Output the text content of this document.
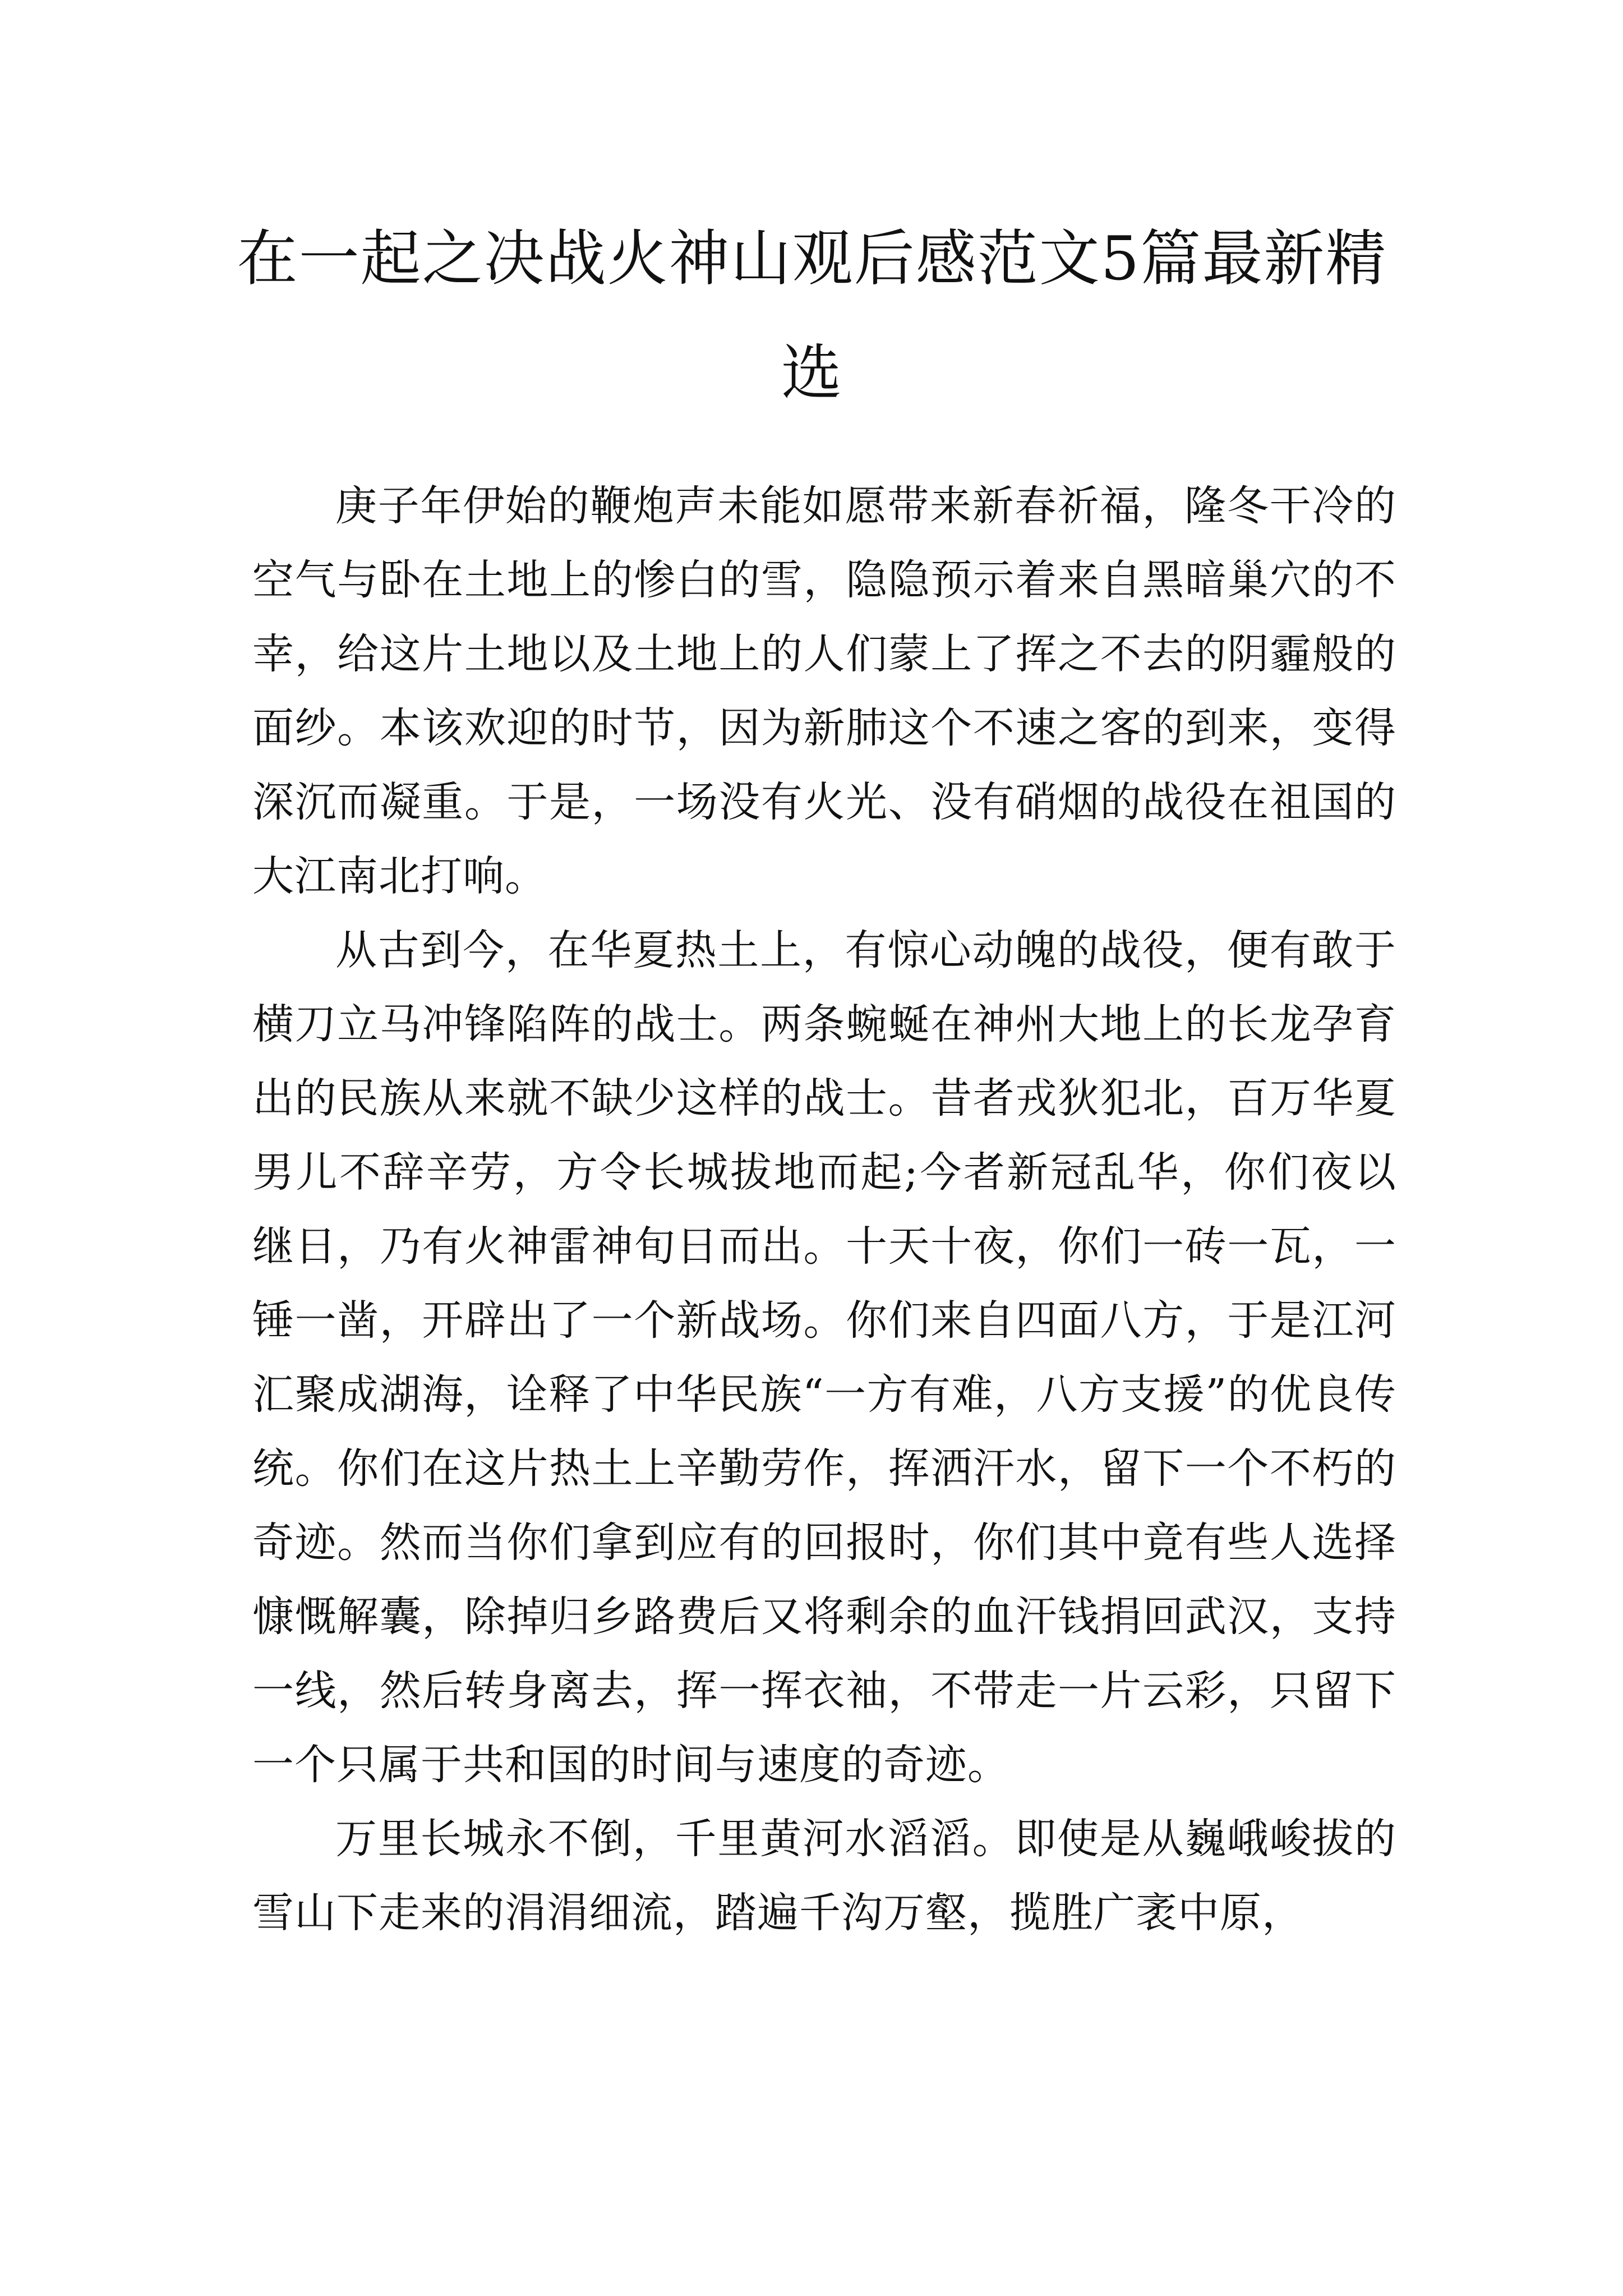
在一起之决战火神山观后感范文5篇最新精选

庚子年伊始的鞭炮声未能如愿带来新春祈福，隆冬干冷的空气与卧在土地上的惨白的雪，隐隐预示着来自黑暗巢穴的不幸，给这片土地以及土地上的人们蒙上了挥之不去的阴霾般的面纱。本该欢迎的时节，因为新肺这个不速之客的到来，变得深沉而凝重。于是，一场没有火光、没有硝烟的战役在祖国的大江南北打响。

从古到今，在华夏热土上，有惊心动魄的战役，便有敢于横刀立马冲锋陷阵的战士。两条蜿蜒在神州大地上的长龙孕育出的民族从来就不缺少这样的战士。昔者戎狄犯北，百万华夏男儿不辞辛劳，方令长城拔地而起;今者新冠乱华，你们夜以继日，乃有火神雷神旬日而出。十天十夜，你们一砖一瓦，一锤一凿，开辟出了一个新战场。你们来自四面八方，于是江河汇聚成湖海，诠释了中华民族“一方有难，八方支援”的优良传统。你们在这片热土上辛勤劳作，挥洒汗水，留下一个不朽的奇迹。然而当你们拿到应有的回报时，你们其中竟有些人选择慷慨解囊，除掉归乡路费后又将剩余的血汗钱捐回武汉，支持一线，然后转身离去，挥一挥衣袖，不带走一片云彩，只留下一个只属于共和国的时间与速度的奇迹。

万里长城永不倒，千里黄河水滔滔。即使是从巍峨峻拔的雪山下走来的涓涓细流，踏遍千沟万壑，揽胜广袤中原，
